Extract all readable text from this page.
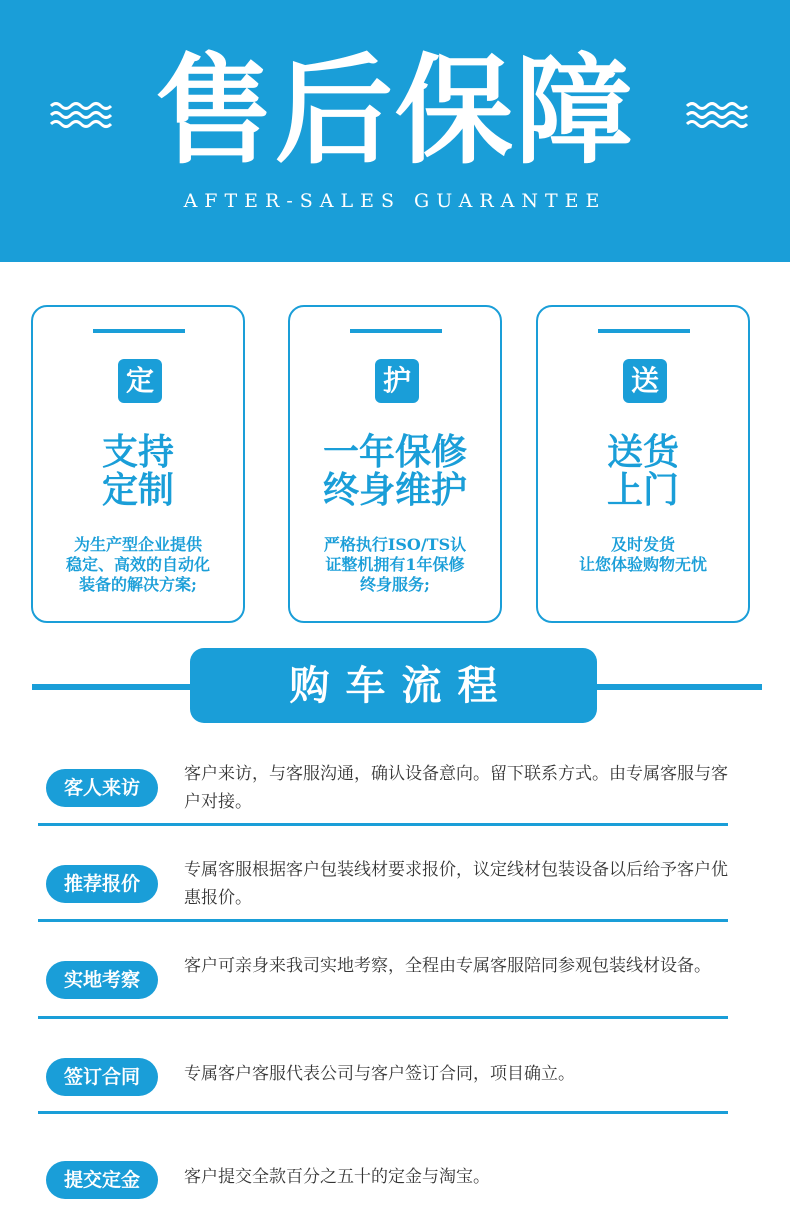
售后保障
AFTER-SALES GUARANTEE
定
支持
定制
为生产型企业提供
稳定、高效的自动化
装备的解决方案;
护
一年保修
终身维护
严格执行ISO/TS认
证整机拥有1年保修
终身服务;
送
送货
上门
及时发货
让您体验购物无忧
购车流程
客人来访
客户来访，与客服沟通，确认设备意向。留下联系方式。由专属客服与客户对接。
推荐报价
专属客服根据客户包装线材要求报价，议定线材包装设备以后给予客户优惠报价。
实地考察
客户可亲身来我司实地考察，全程由专属客服陪同参观包装线材设备。
签订合同	专属客户客服代表公司与客户签订合同，项目确立。
提交定金	客户提交全款百分之五十的定金与淘宝。
